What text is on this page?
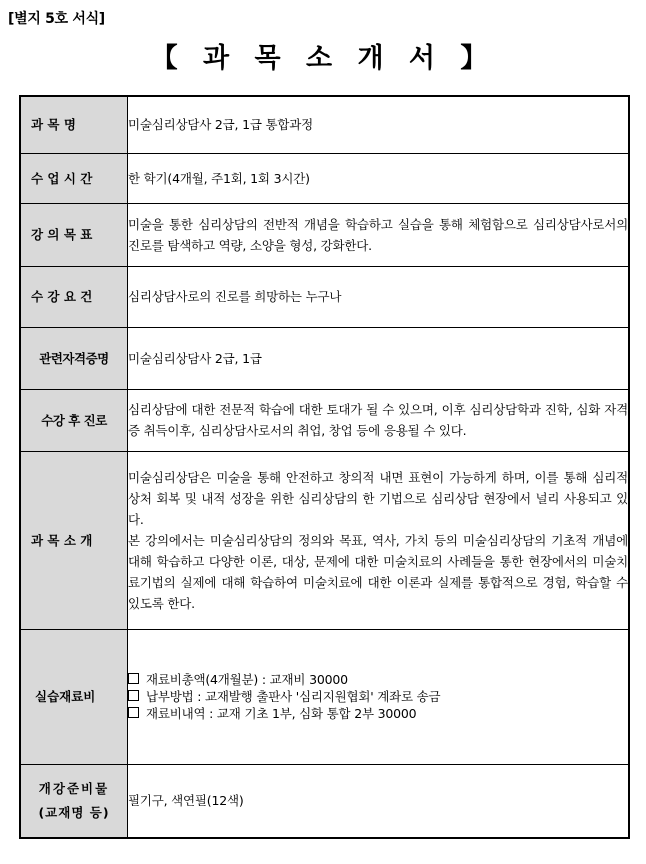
[별지 5호 서식]
【 과 목 소 개 서 】
과 목 명	미술심리상담사 2급, 1급 통합과정

수 업 시 간	한 학기(4개월, 주1회, 1회 3시간)

강 의 목 표	미술을 통한 심리상담의 전반적 개념을 학습하고 실습을 통해 체험함으로 심리상담사로서의 진로를 탐색하고 역량, 소양을 형성, 강화한다.

수 강 요 건	심리상담사로의 진로를 희망하는 누구나

관련자격증명	미술심리상담사 2급, 1급

수강 후 진로	심리상담에 대한 전문적 학습에 대한 토대가 될 수 있으며, 이후 심리상담학과 진학, 심화 자격증 취득이후, 심리상담사로서의 취업, 창업 등에 응용될 수 있다.

과 목 소 개	미술심리상담은 미술을 통해 안전하고 창의적 내면 표현이 가능하게 하며, 이를 통해 심리적 상처 회복 및 내적 성장을 위한 심리상담의 한 기법으로 심리상담 현장에서 널리 사용되고 있다.

본 강의에서는 미술심리상담의 정의와 목표, 역사, 가치 등의 미술심리상담의 기초적 개념에 대해 학습하고 다양한 이론, 대상, 문제에 대한 미술치료의 사례들을 통한 현장에서의 미술치료기법의 실제에 대해 학습하여 미술치료에 대한 이론과 실제를 통합적으로 경험, 학습할 수 있도록 한다.

실습재료비	재료비총액(4개월분) : 교재비 30000
납부방법 : 교재발행 출판사 '심리지원협회' 계좌로 송금
재료비내역 : 교재 기초 1부, 심화 통합 2부 30000

개강준비물
(교재명 등)	필기구, 색연필(12색)
